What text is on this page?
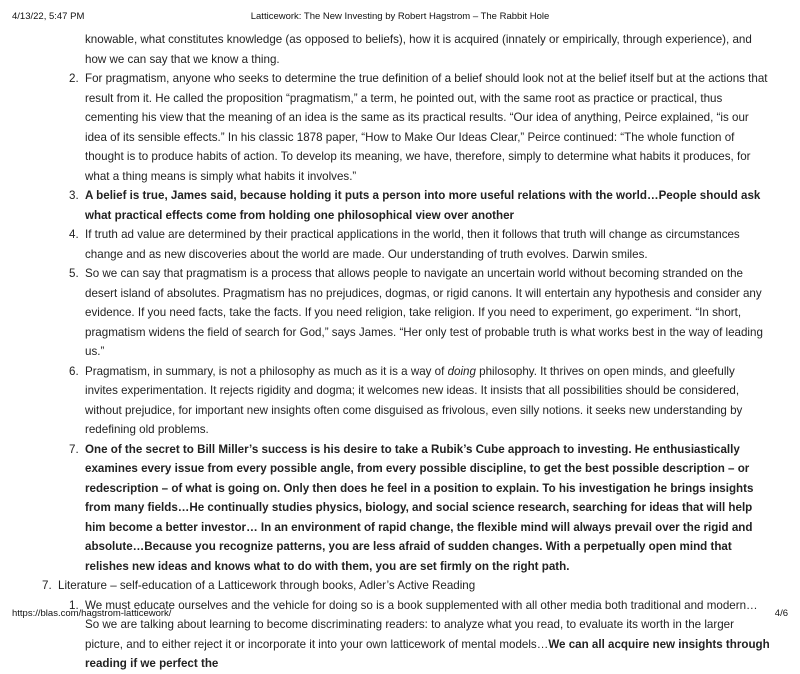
4/13/22, 5:47 PM	Latticework: The New Investing by Robert Hagstrom – The Rabbit Hole
knowable, what constitutes knowledge (as opposed to beliefs), how it is acquired (innately or empirically, through experience), and how we can say that we know a thing.
2. For pragmatism, anyone who seeks to determine the true definition of a belief should look not at the belief itself but at the actions that result from it. He called the proposition “pragmatism,” a term, he pointed out, with the same root as practice or practical, thus cementing his view that the meaning of an idea is the same as its practical results. “Our idea of anything, Peirce explained, “is our idea of its sensible effects.” In his classic 1878 paper, “How to Make Our Ideas Clear,” Peirce continued: “The whole function of thought is to produce habits of action. To develop its meaning, we have, therefore, simply to determine what habits it produces, for what a thing means is simply what habits it involves.”
3. A belief is true, James said, because holding it puts a person into more useful relations with the world…People should ask what practical effects come from holding one philosophical view over another
4. If truth ad value are determined by their practical applications in the world, then it follows that truth will change as circumstances change and as new discoveries about the world are made. Our understanding of truth evolves. Darwin smiles.
5. So we can say that pragmatism is a process that allows people to navigate an uncertain world without becoming stranded on the desert island of absolutes. Pragmatism has no prejudices, dogmas, or rigid canons. It will entertain any hypothesis and consider any evidence. If you need facts, take the facts. If you need religion, take religion. If you need to experiment, go experiment. “In short, pragmatism widens the field of search for God,” says James. “Her only test of probable truth is what works best in the way of leading us.”
6. Pragmatism, in summary, is not a philosophy as much as it is a way of doing philosophy. It thrives on open minds, and gleefully invites experimentation. It rejects rigidity and dogma; it welcomes new ideas. It insists that all possibilities should be considered, without prejudice, for important new insights often come disguised as frivolous, even silly notions. it seeks new understanding by redefining old problems.
7. One of the secret to Bill Miller’s success is his desire to take a Rubik’s Cube approach to investing. He enthusiastically examines every issue from every possible angle, from every possible discipline, to get the best possible description – or redescription – of what is going on. Only then does he feel in a position to explain. To his investigation he brings insights from many fields…He continually studies physics, biology, and social science research, searching for ideas that will help him become a better investor… In an environment of rapid change, the flexible mind will always prevail over the rigid and absolute…Because you recognize patterns, you are less afraid of sudden changes. With a perpetually open mind that relishes new ideas and knows what to do with them, you are set firmly on the right path.
7. Literature – self-education of a Latticework through books, Adler’s Active Reading
1. We must educate ourselves and the vehicle for doing so is a book supplemented with all other media both traditional and modern…So we are talking about learning to become discriminating readers: to analyze what you read, to evaluate its worth in the larger picture, and to either reject it or incorporate it into your own latticework of mental models…We can all acquire new insights through reading if we perfect the
https://blas.com/hagstrom-latticework/	4/6
